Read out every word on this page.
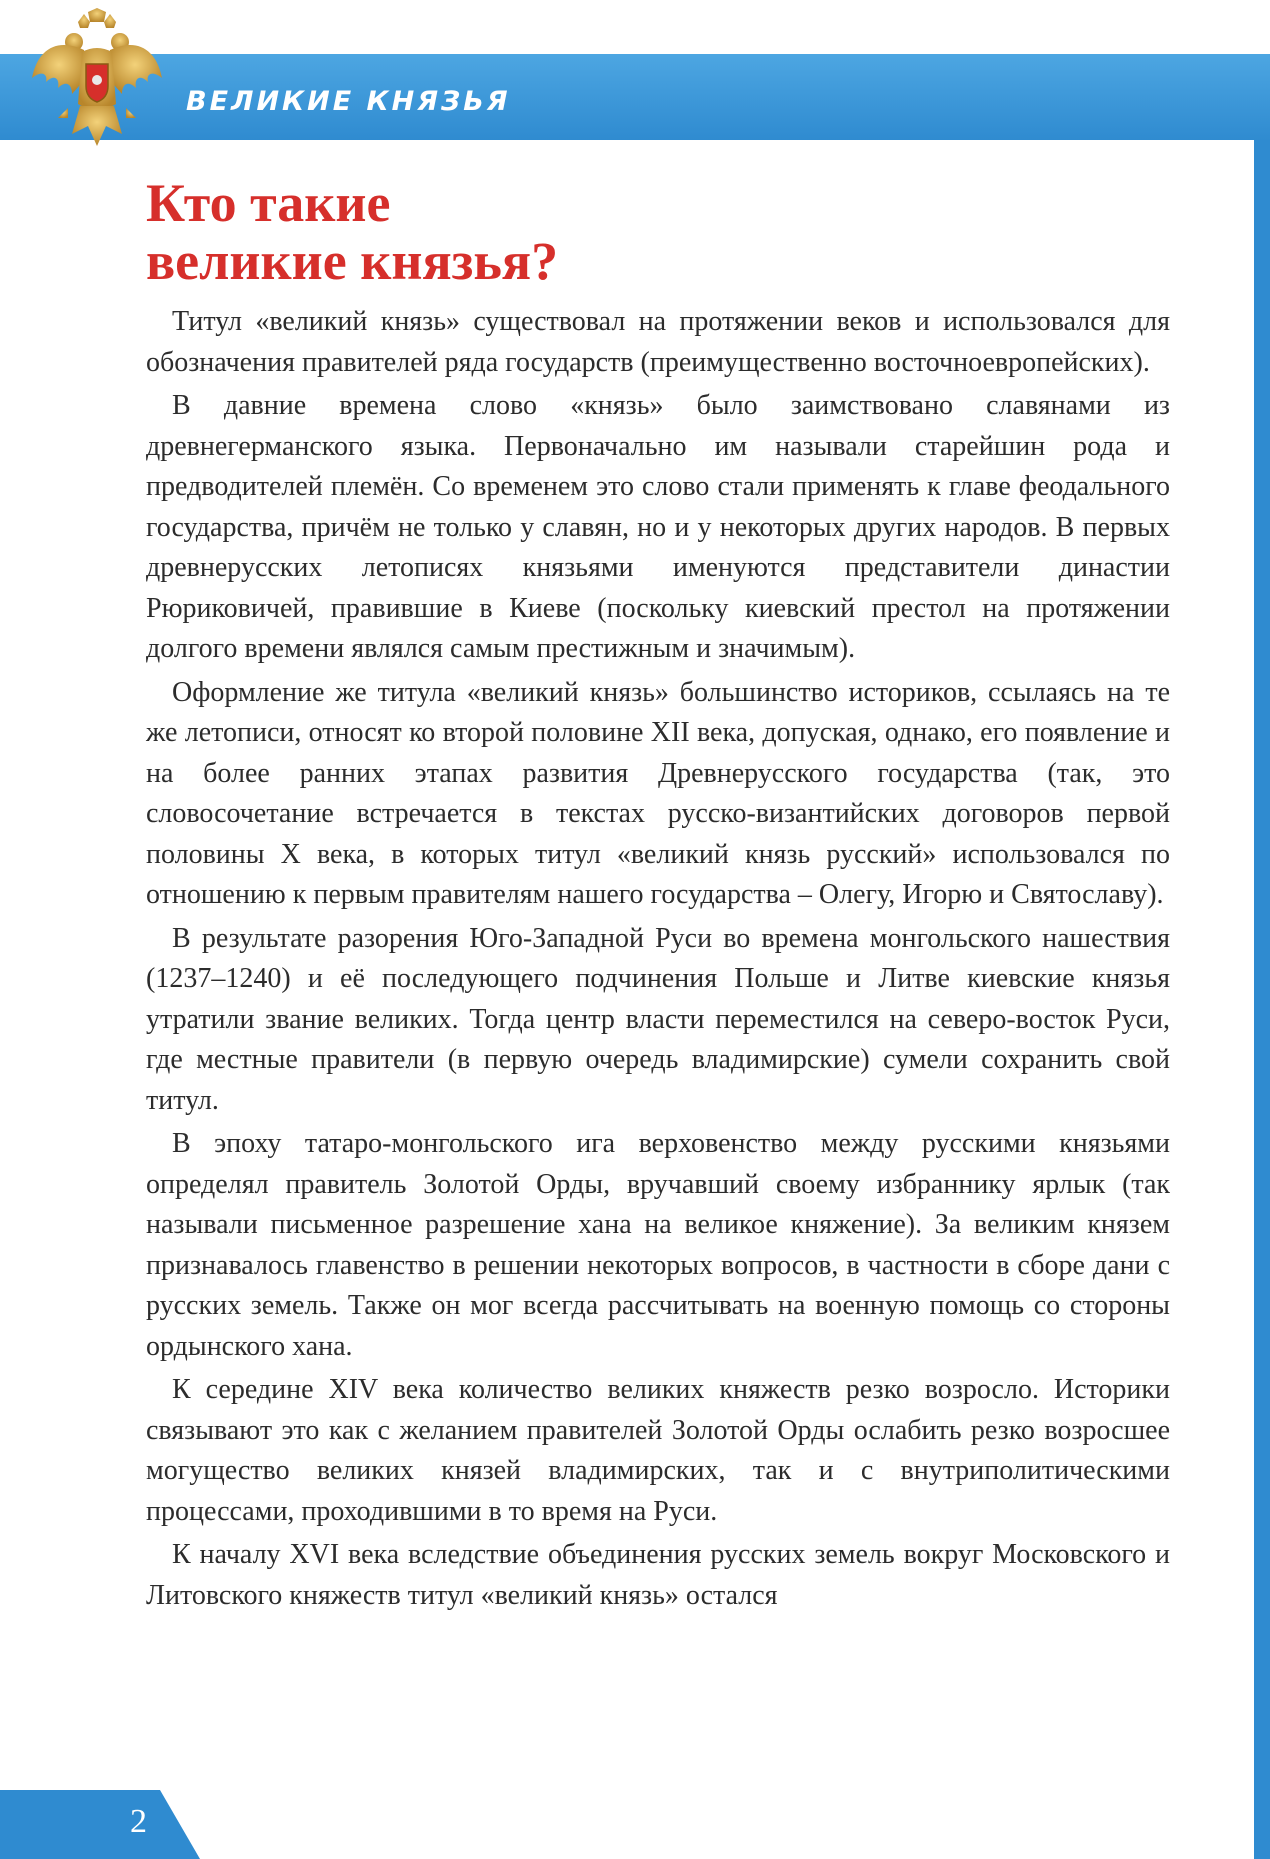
ВЕЛИКИЕ КНЯЗЬЯ
Кто такие
великие князья?

Титул «великий князь» существовал на протяжении веков и использовался для обозначения правителей ряда государств (преимущественно восточноевропейских).

В давние времена слово «князь» было заимствовано славянами из древнегерманского языка. Первоначально им называли старейшин рода и предводителей племён. Со временем это слово стали применять к главе феодального государства, причём не только у славян, но и у некоторых других народов. В первых древнерусских летописях князьями именуются представители династии Рюриковичей, правившие в Киеве (поскольку киевский престол на протяжении долгого времени являлся самым престижным и значимым).

Оформление же титула «великий князь» большинство историков, ссылаясь на те же летописи, относят ко второй половине XII века, допуская, однако, его появление и на более ранних этапах развития Древнерусского государства (так, это словосочетание встречается в текстах русско-византийских договоров первой половины X века, в которых титул «великий князь русский» использовался по отношению к первым правителям нашего государства – Олегу, Игорю и Святославу).

В результате разорения Юго-Западной Руси во времена монгольского нашествия (1237–1240) и её последующего подчинения Польше и Литве киевские князья утратили звание великих. Тогда центр власти переместился на северо-восток Руси, где местные правители (в первую очередь владимирские) сумели сохранить свой титул.

В эпоху татаро-монгольского ига верховенство между русскими князьями определял правитель Золотой Орды, вручавший своему избраннику ярлык (так называли письменное разрешение хана на великое княжение). За великим князем признавалось главенство в решении некоторых вопросов, в частности в сборе дани с русских земель. Также он мог всегда рассчитывать на военную помощь со стороны ордынского хана.

К середине XIV века количество великих княжеств резко возросло. Историки связывают это как с желанием правителей Золотой Орды ослабить резко возросшее могущество великих князей владимирских, так и с внутриполитическими процессами, проходившими в то время на Руси.

К началу XVI века вследствие объединения русских земель вокруг Московского и Литовского княжеств титул «великий князь» остался

2
